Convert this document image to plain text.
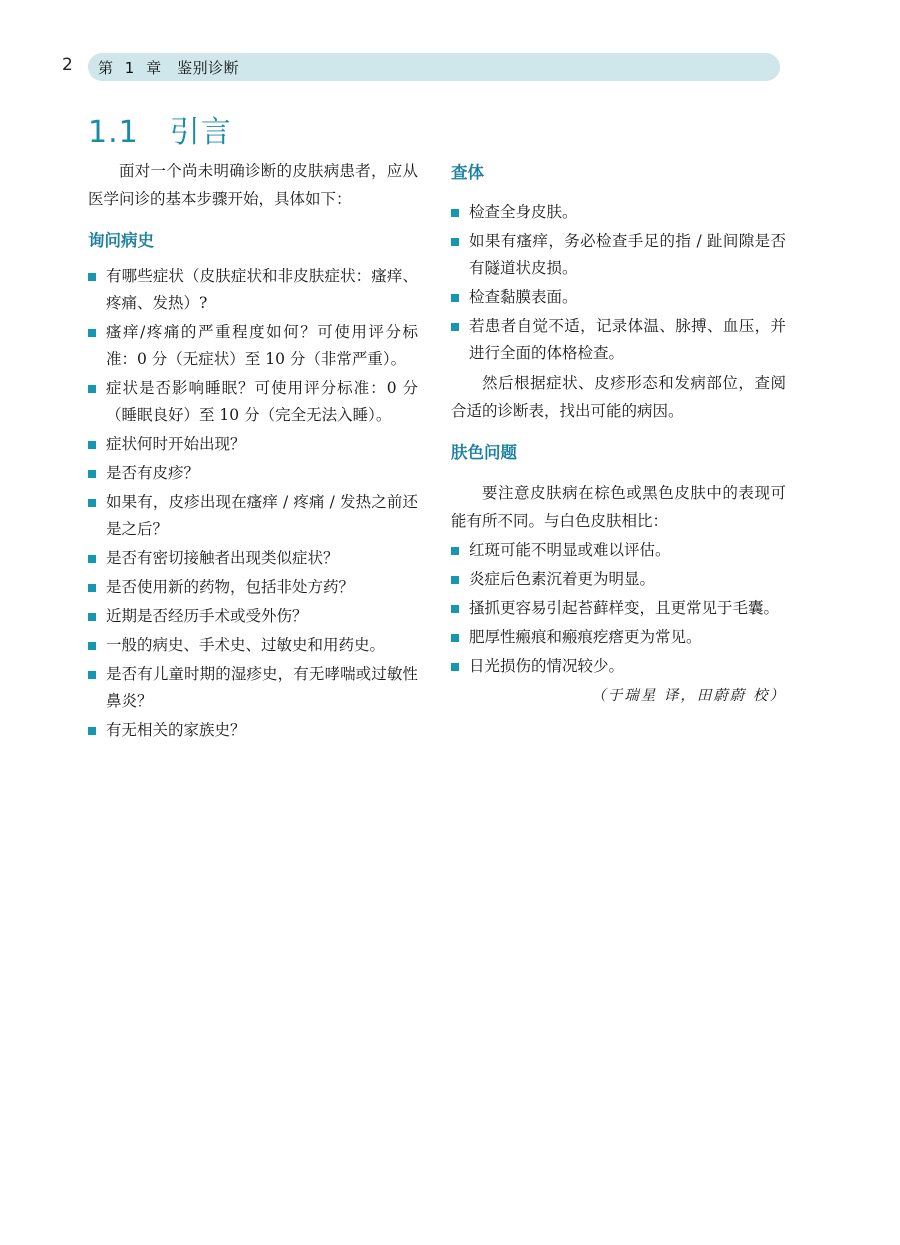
2 第 1 章　鉴别诊断
1.1　引言

面对一个尚未明确诊断的皮肤病患者，应从医学问诊的基本步骤开始，具体如下：

询问病史
有哪些症状（皮肤症状和非皮肤症状：瘙痒、疼痛、发热）?
瘙痒/疼痛的严重程度如何？可使用评分标准：0 分（无症状）至 10 分（非常严重）。
症状是否影响睡眠？可使用评分标准：0 分（睡眠良好）至 10 分（完全无法入睡）。
症状何时开始出现？
是否有皮疹？
如果有，皮疹出现在瘙痒 / 疼痛 / 发热之前还是之后？
是否有密切接触者出现类似症状？
是否使用新的药物，包括非处方药？
近期是否经历手术或受外伤？
一般的病史、手术史、过敏史和用药史。
是否有儿童时期的湿疹史，有无哮喘或过敏性鼻炎？
有无相关的家族史？
查体
检查全身皮肤。
如果有瘙痒，务必检查手足的指 / 趾间隙是否有隧道状皮损。
检查黏膜表面。
若患者自觉不适，记录体温、脉搏、血压，并进行全面的体格检查。

然后根据症状、皮疹形态和发病部位，查阅合适的诊断表，找出可能的病因。

肤色问题

要注意皮肤病在棕色或黑色皮肤中的表现可能有所不同。与白色皮肤相比：

红斑可能不明显或难以评估。
炎症后色素沉着更为明显。
搔抓更容易引起苔藓样变，且更常见于毛囊。
肥厚性瘢痕和瘢痕疙瘩更为常见。
日光损伤的情况较少。
（于瑞星 译，田蔚蔚 校）
